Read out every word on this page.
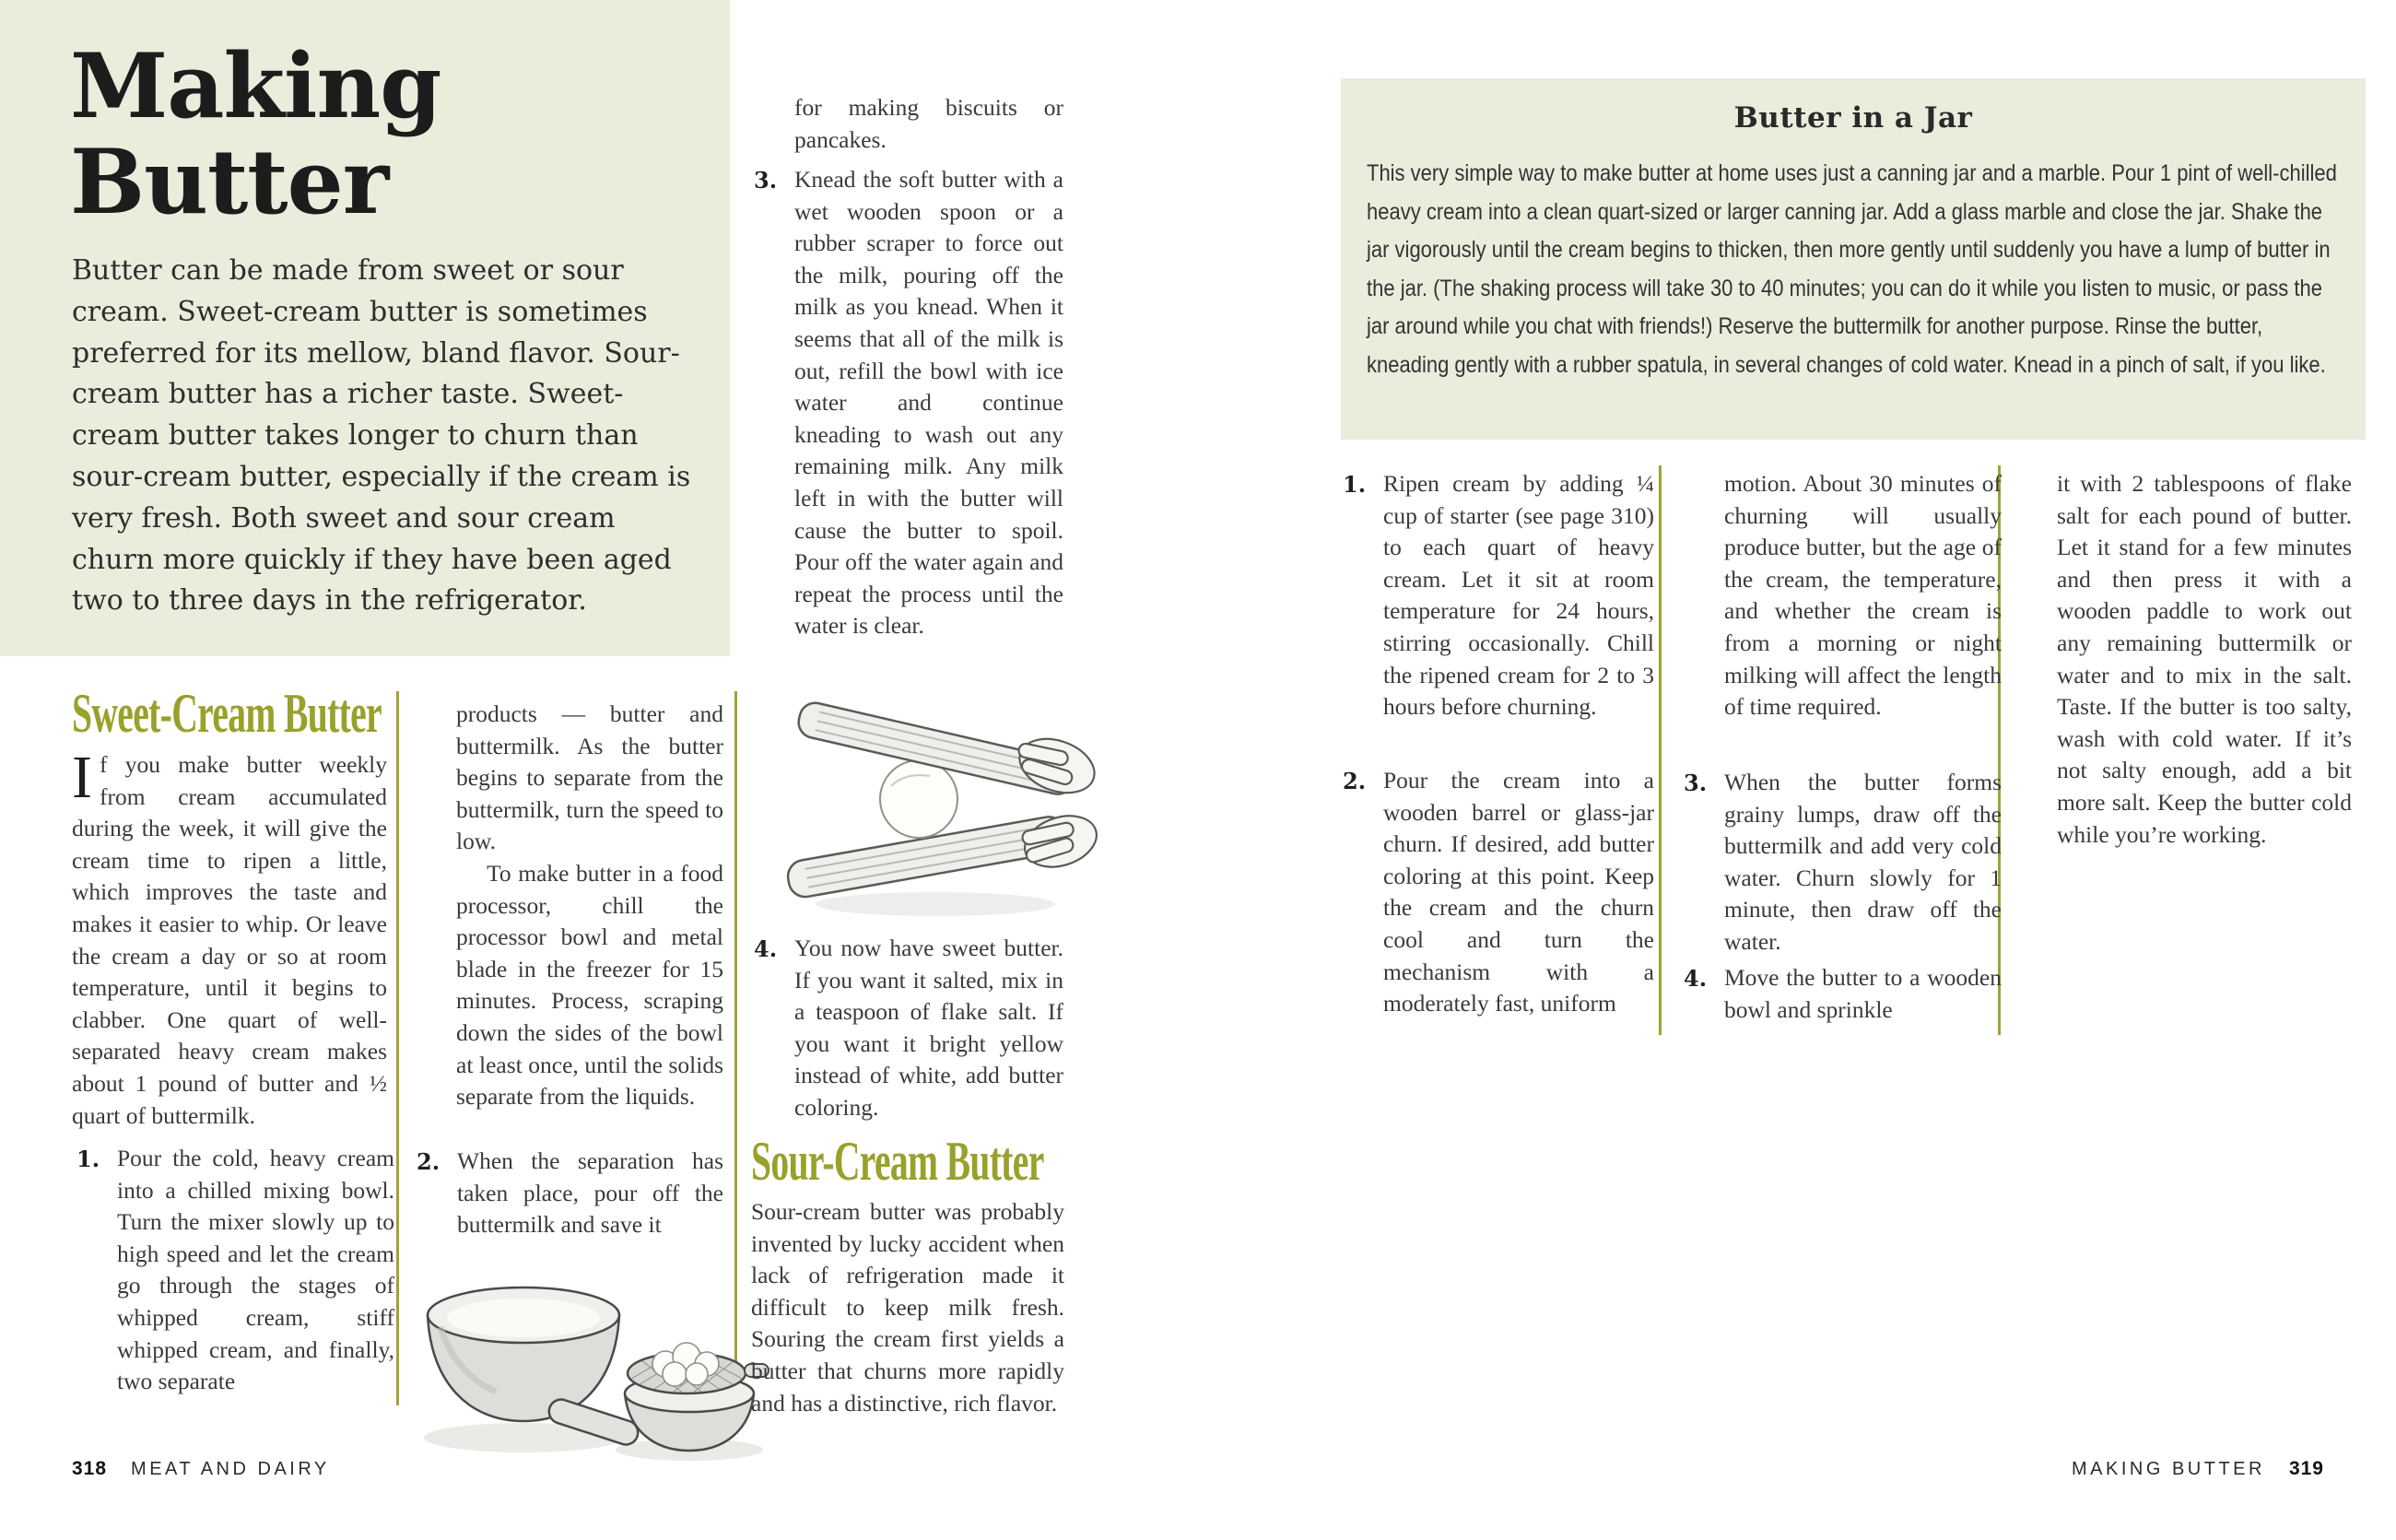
Making
Butter
Butter can be made from sweet or sour cream. Sweet-cream butter is sometimes preferred for its mellow, bland flavor. Sour-cream butter has a richer taste. Sweet-cream butter takes longer to churn than sour-cream butter, especially if the cream is very fresh. Both sweet and sour cream churn more quickly if they have been aged two to three days in the refrigerator.
Sweet-Cream Butter
If you make butter weekly from cream accumulated during the week, it will give the cream time to ripen a little, which improves the taste and makes it easier to whip. Or leave the cream a day or so at room temperature, until it begins to clabber. One quart of well-separated heavy cream makes about 1 pound of butter and ½ quart of buttermilk.
1. Pour the cold, heavy cream into a chilled mixing bowl. Turn the mixer slowly up to high speed and let the cream go through the stages of whipped cream, stiff whipped cream, and finally, two separate

products — butter and buttermilk. As the butter begins to separate from the buttermilk, turn the speed to low.

To make butter in a food processor, chill the processor bowl and metal blade in the freezer for 15 minutes. Process, scraping down the sides of the bowl at least once, until the solids separate from the liquids.

2. When the separation has taken place, pour off the buttermilk and save it
for making biscuits or pancakes.
3. Knead the soft butter with a wet wooden spoon or a rubber scraper to force out the milk, pouring off the milk as you knead. When it seems that all of the milk is out, refill the bowl with ice water and continue kneading to wash out any remaining milk. Any milk left in with the butter will cause the butter to spoil. Pour off the water again and repeat the process until the water is clear.
4. You now have sweet butter. If you want it salted, mix in a teaspoon of flake salt. If you want it bright yellow instead of white, add butter coloring.
Sour-Cream Butter
Sour-cream butter was probably invented by lucky accident when lack of refrigeration made it difficult to keep milk fresh. Souring the cream first yields a butter that churns more rapidly and has a distinctive, rich flavor.
318 MEAT AND DAIRY
Butter in a Jar
This very simple way to make butter at home uses just a canning jar and a marble. Pour 1 pint of well-chilled heavy cream into a clean quart-sized or larger canning jar. Add a glass marble and close the jar. Shake the jar vigorously until the cream begins to thicken, then more gently until suddenly you have a lump of butter in the jar. (The shaking process will take 30 to 40 minutes; you can do it while you listen to music, or pass the jar around while you chat with friends!) Reserve the buttermilk for another purpose. Rinse the butter, kneading gently with a rubber spatula, in several changes of cold water. Knead in a pinch of salt, if you like.
1. Ripen cream by adding ¼ cup of starter (see page 310) to each quart of heavy cream. Let it sit at room temperature for 24 hours, stirring occasionally. Chill the ripened cream for 2 to 3 hours before churning.
2. Pour the cream into a wooden barrel or glass-jar churn. If desired, add butter coloring at this point. Keep the cream and the churn cool and turn the mechanism with a moderately fast, uniform
motion. About 30 minutes of churning will usually produce butter, but the age of the cream, the temperature, and whether the cream is from a morning or night milking will affect the length of time required.
3. When the butter forms grainy lumps, draw off the buttermilk and add very cold water. Churn slowly for 1 minute, then draw off the water.
4. Move the butter to a wooden bowl and sprinkle
it with 2 tablespoons of flake salt for each pound of butter. Let it stand for a few minutes and then press it with a wooden paddle to work out any remaining buttermilk or water and to mix in the salt. Taste. If the butter is too salty, wash with cold water. If it’s not salty enough, add a bit more salt. Keep the butter cold while you’re working.
MAKING BUTTER 319
